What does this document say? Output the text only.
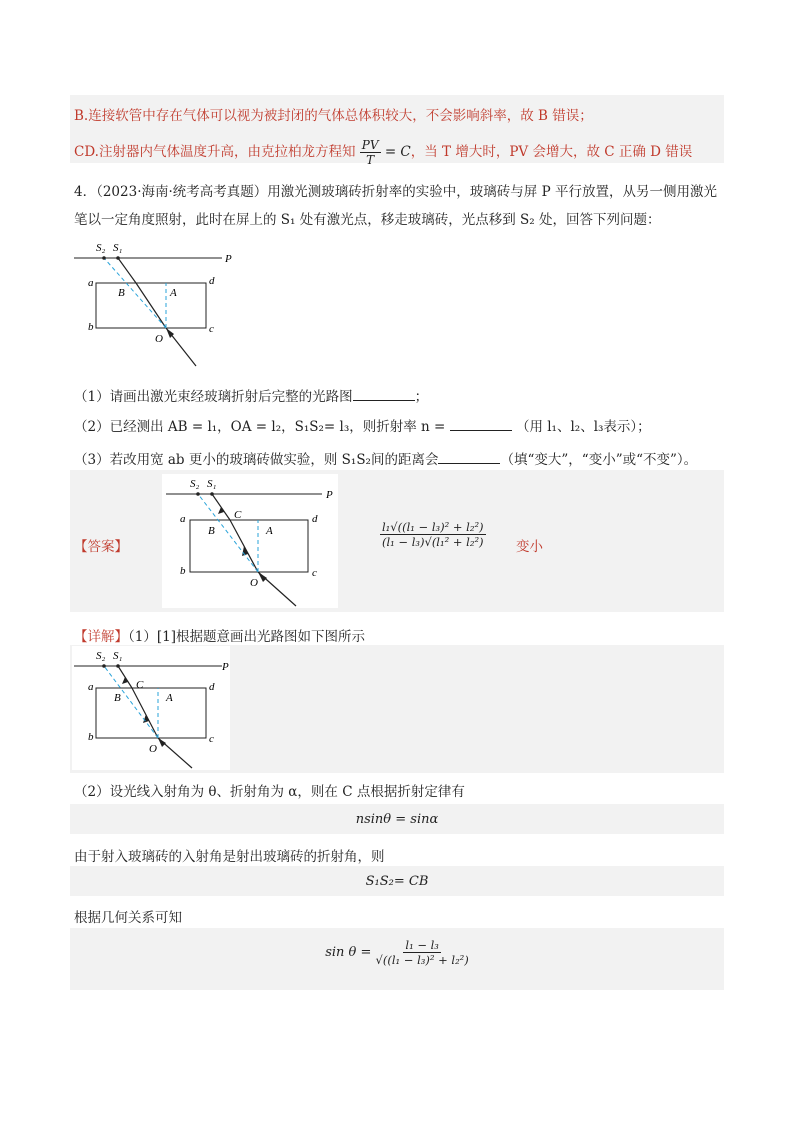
B.连接软管中存在气体可以视为被封闭的气体总体积较大，不会影响斜率，故 B 错误；
CD.注射器内气体温度升高，由克拉柏龙方程知 $\frac{PV}{T} = C$，当 T 增大时，PV 会增大，故 C 正确 D 错误
4．（2023·海南·统考高考真题）用激光测玻璃砖折射率的实验中，玻璃砖与屏 P 平行放置，从另一侧用激光
笔以一定角度照射，此时在屏上的 S₁ 处有激光点，移走玻璃砖，光点移到 S₂ 处，回答下列问题：
S₂ S₁
P
a
b	c
d
B	A
O
（1）请画出激光束经玻璃折射后完整的光路图	；
（2）已经测出 AB = l₁，OA = l₂，S₁S₂= l₃，则折射率 n =	（用 l₁、l₂、l₃表示）；
（3）若改用宽 ab 更小的玻璃砖做实验，则 S₁S₂间的距离会	（填“变大”，“变小”或“不变”）。
【答案】
S₂ S₁
P
a
b	c
d
B
C
A
O
$\frac{\text{l₁√((l₁ − l₃)² + l₂²)}}{\text{(l₁ − l₃)√(l₁² + l₂²)}}$ 变小
【详解】（1）[1]根据题意画出光路图如下图所示
S₂ S₁
P
a
b	c
d
B
C
A
O
（2）设光线入射角为 θ、折射角为 α，则在 C 点根据折射定律有
nsinθ = sinα
由于射入玻璃砖的入射角是射出玻璃砖的折射角，则
S₁S₂= CB
根据几何关系可知
$\sin \theta = \frac{\text{l₁ − l₃}}{\text{√((l₁ − l₃)² + l₂²)}}$
